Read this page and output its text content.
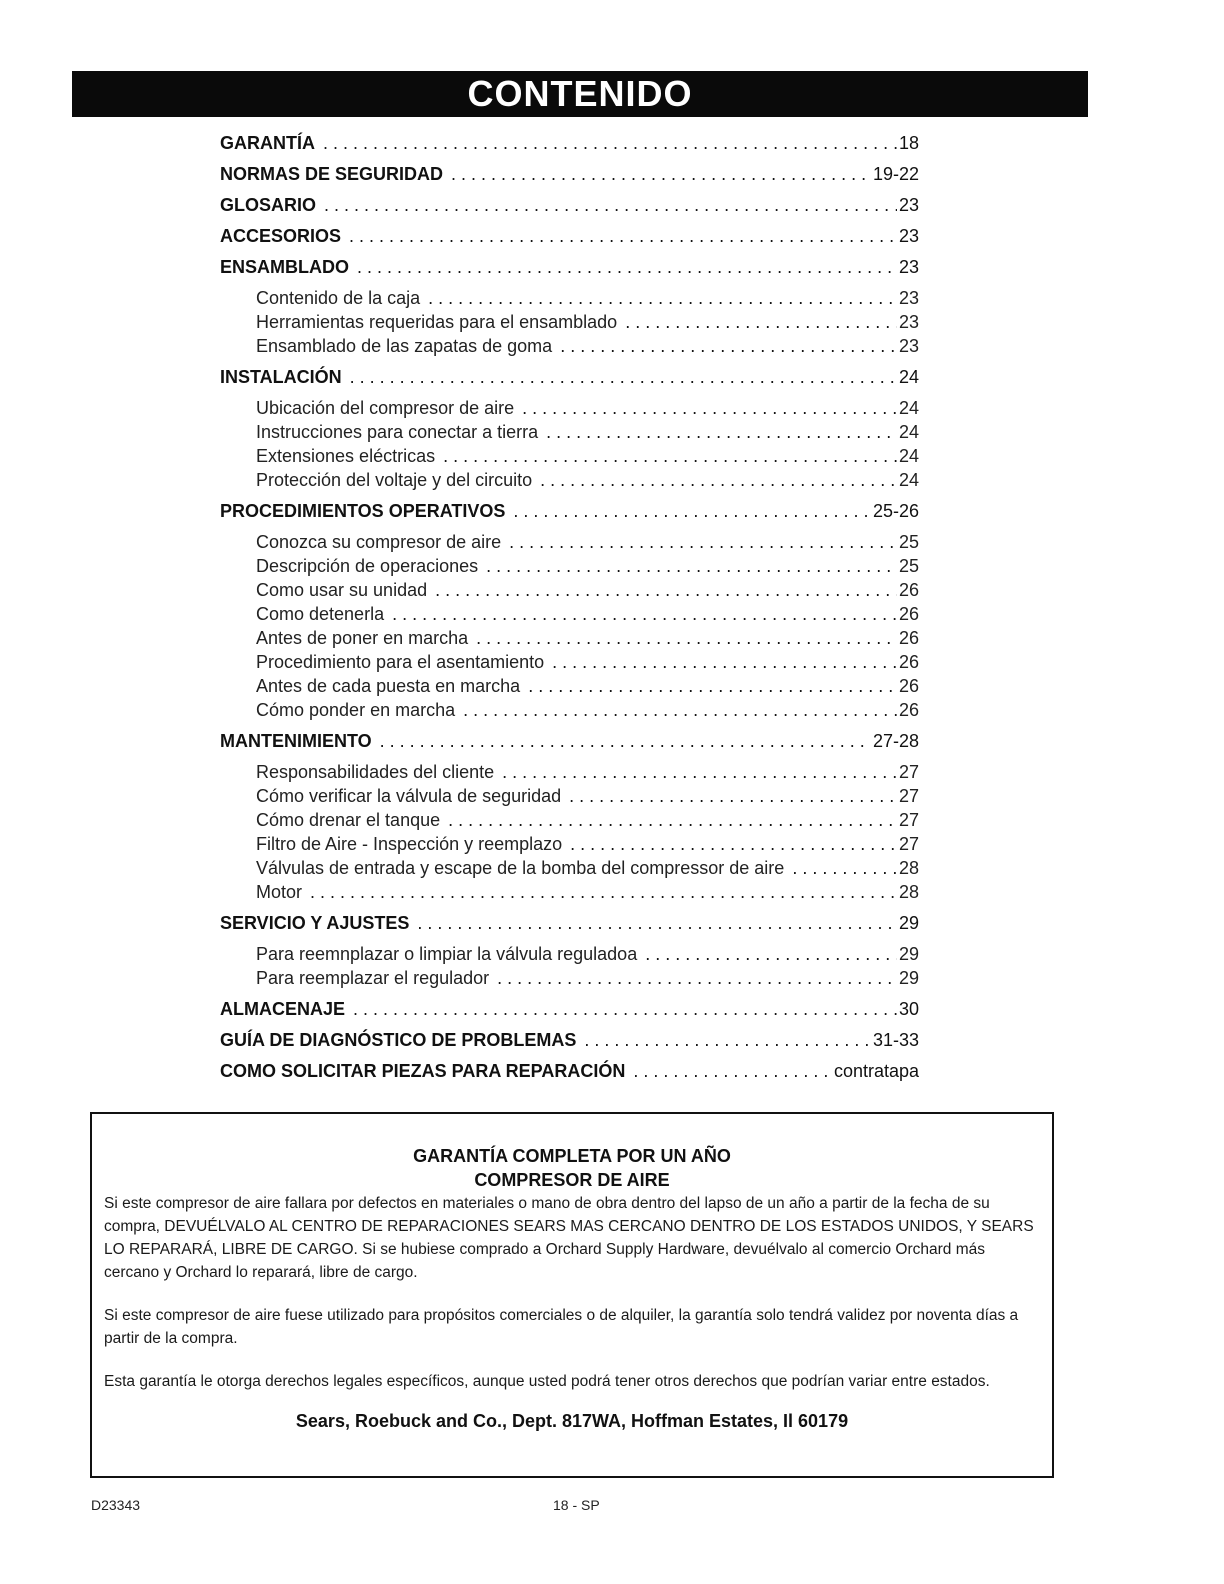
CONTENIDO
GARANTÍA . . .	18
NORMAS DE SEGURIDAD . . .	19-22
GLOSARIO . . .	23
ACCESORIOS . . .	23
ENSAMBLADO . . .	23
Contenido de la caja . . .	23
Herramientas requeridas para el ensamblado . . .	23
Ensamblado de las zapatas de goma . . .	23
INSTALACIÓN . . .	24
Ubicación del compresor de aire . . .	24
Instrucciones para conectar a tierra . . .	24
Extensiones eléctricas . . .	24
Protección del voltaje y del circuito . . .	24
PROCEDIMIENTOS OPERATIVOS . . .	25-26
Conozca su compresor de aire . . .	25
Descripción de operaciones . . .	25
Como usar su unidad . . .	26
Como detenerla . . .	26
Antes de poner en marcha . . .	26
Procedimiento para el asentamiento . . .	26
Antes de cada puesta en marcha . . .	26
Cómo ponder en marcha . . .	26
MANTENIMIENTO . . .	27-28
Responsabilidades del cliente . . .	27
Cómo verificar la válvula de seguridad . . .	27
Cómo drenar el tanque . . .	27
Filtro de Aire - Inspección y reemplazo . . .	27
Válvulas de entrada y escape de la bomba del compressor de aire . . .	28
Motor . . .	28
SERVICIO Y AJUSTES . . .	29
Para reemnplazar o limpiar la válvula reguladoa . . .	29
Para reemplazar el regulador . . .	29
ALMACENAJE . . .	30
GUÍA DE DIAGNÓSTICO DE PROBLEMAS . . .	31-33
COMO SOLICITAR PIEZAS PARA REPARACIÓN . . .	contratapa
GARANTÍA COMPLETA POR UN AÑO
COMPRESOR DE AIRE

Si este compresor de aire fallara por defectos en materiales o mano de obra dentro del lapso de un año a partir de la fecha de su compra, DEVUÉLVALO AL CENTRO DE REPARACIONES SEARS MAS CERCANO DENTRO DE LOS ESTADOS UNIDOS, Y SEARS LO REPARARÁ, LIBRE DE CARGO. Si se hubiese comprado a Orchard Supply Hardware, devuélvalo al comercio Orchard más cercano y Orchard lo reparará, libre de cargo.

Si este compresor de aire fuese utilizado para propósitos comerciales o de alquiler, la garantía solo tendrá validez por noventa días a partir de la compra.

Esta garantía le otorga derechos legales específicos, aunque usted podrá tener otros derechos que podrían variar entre estados.

Sears, Roebuck and Co., Dept. 817WA, Hoffman Estates, Il 60179
D23343	18 - SP
